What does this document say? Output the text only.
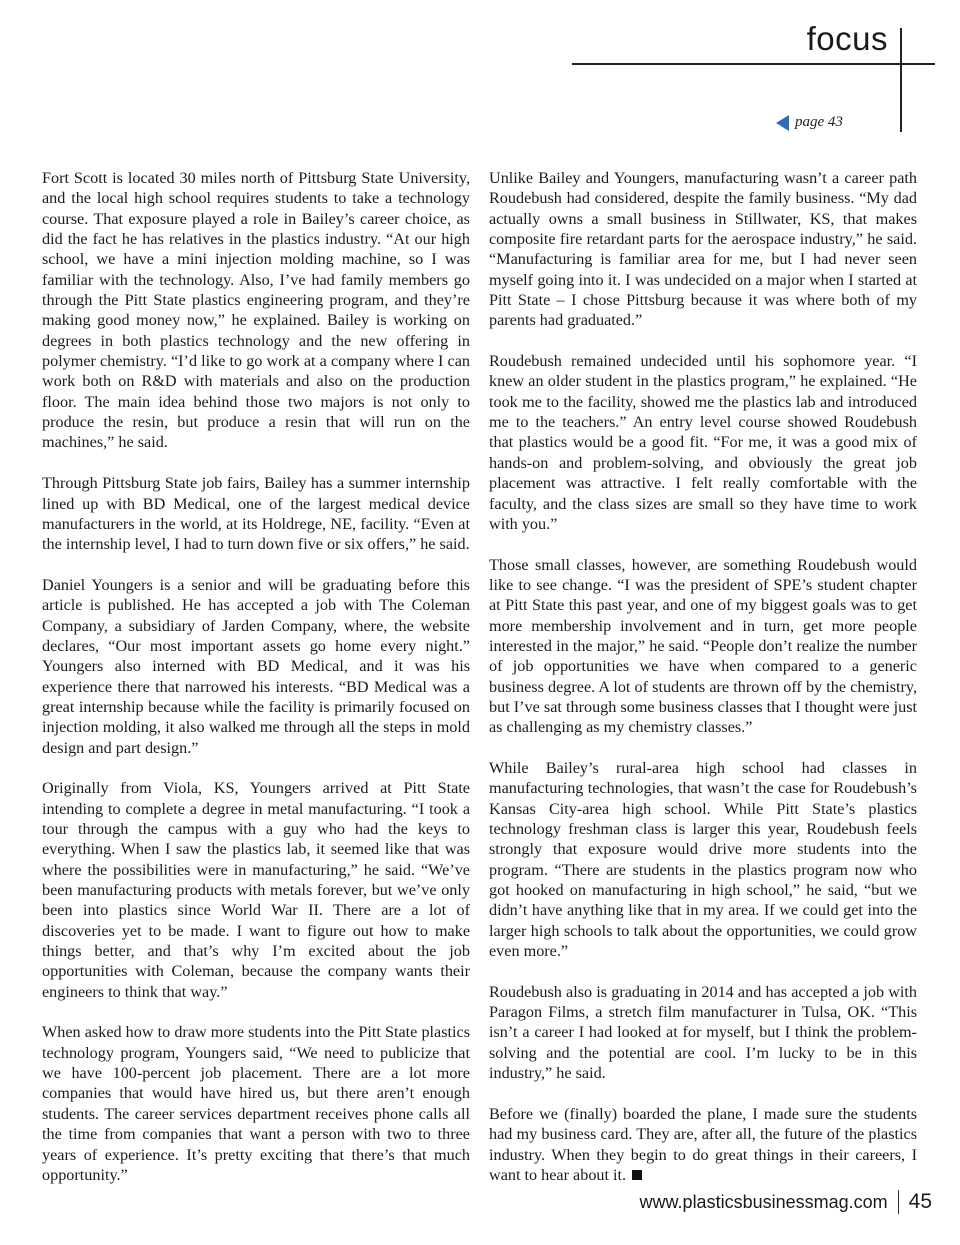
focus
page 43

Fort Scott is located 30 miles north of Pittsburg State University, and the local high school requires students to take a technology course. That exposure played a role in Bailey’s career choice, as did the fact he has relatives in the plastics industry. “At our high school, we have a mini injection molding machine, so I was familiar with the technology. Also, I’ve had family members go through the Pitt State plastics engineering program, and they’re making good money now,” he explained. Bailey is working on degrees in both plastics technology and the new offering in polymer chemistry. “I’d like to go work at a company where I can work both on R&D with materials and also on the production floor. The main idea behind those two majors is not only to produce the resin, but produce a resin that will run on the machines,” he said.

Through Pittsburg State job fairs, Bailey has a summer internship lined up with BD Medical, one of the largest medical device manufacturers in the world, at its Holdrege, NE, facility. “Even at the internship level, I had to turn down five or six offers,” he said.

Daniel Youngers is a senior and will be graduating before this article is published. He has accepted a job with The Coleman Company, a subsidiary of Jarden Company, where, the website declares, “Our most important assets go home every night.” Youngers also interned with BD Medical, and it was his experience there that narrowed his interests. “BD Medical was a great internship because while the facility is primarily focused on injection molding, it also walked me through all the steps in mold design and part design.”

Originally from Viola, KS, Youngers arrived at Pitt State intending to complete a degree in metal manufacturing. “I took a tour through the campus with a guy who had the keys to everything. When I saw the plastics lab, it seemed like that was where the possibilities were in manufacturing,” he said. “We’ve been manufacturing products with metals forever, but we’ve only been into plastics since World War II. There are a lot of discoveries yet to be made. I want to figure out how to make things better, and that’s why I’m excited about the job opportunities with Coleman, because the company wants their engineers to think that way.”

When asked how to draw more students into the Pitt State plastics technology program, Youngers said, “We need to publicize that we have 100-percent job placement. There are a lot more companies that would have hired us, but there aren’t enough students. The career services department receives phone calls all the time from companies that want a person with two to three years of experience. It’s pretty exciting that there’s that much opportunity.”

Unlike Bailey and Youngers, manufacturing wasn’t a career path Roudebush had considered, despite the family business. “My dad actually owns a small business in Stillwater, KS, that makes composite fire retardant parts for the aerospace industry,” he said. “Manufacturing is familiar area for me, but I had never seen myself going into it. I was undecided on a major when I started at Pitt State – I chose Pittsburg because it was where both of my parents had graduated.”

Roudebush remained undecided until his sophomore year. “I knew an older student in the plastics program,” he explained. “He took me to the facility, showed me the plastics lab and introduced me to the teachers.” An entry level course showed Roudebush that plastics would be a good fit. “For me, it was a good mix of hands-on and problem-solving, and obviously the great job placement was attractive. I felt really comfortable with the faculty, and the class sizes are small so they have time to work with you.”

Those small classes, however, are something Roudebush would like to see change. “I was the president of SPE’s student chapter at Pitt State this past year, and one of my biggest goals was to get more membership involvement and in turn, get more people interested in the major,” he said. “People don’t realize the number of job opportunities we have when compared to a generic business degree. A lot of students are thrown off by the chemistry, but I’ve sat through some business classes that I thought were just as challenging as my chemistry classes.”

While Bailey’s rural-area high school had classes in manufacturing technologies, that wasn’t the case for Roudebush’s Kansas City-area high school. While Pitt State’s plastics technology freshman class is larger this year, Roudebush feels strongly that exposure would drive more students into the program. “There are students in the plastics program now who got hooked on manufacturing in high school,” he said, “but we didn’t have anything like that in my area. If we could get into the larger high schools to talk about the opportunities, we could grow even more.”

Roudebush also is graduating in 2014 and has accepted a job with Paragon Films, a stretch film manufacturer in Tulsa, OK. “This isn’t a career I had looked at for myself, but I think the problem-solving and the potential are cool. I’m lucky to be in this industry,” he said.

Before we (finally) boarded the plane, I made sure the students had my business card. They are, after all, the future of the plastics industry. When they begin to do great things in their careers, I want to hear about it.

www.plasticsbusinessmag.com 45
